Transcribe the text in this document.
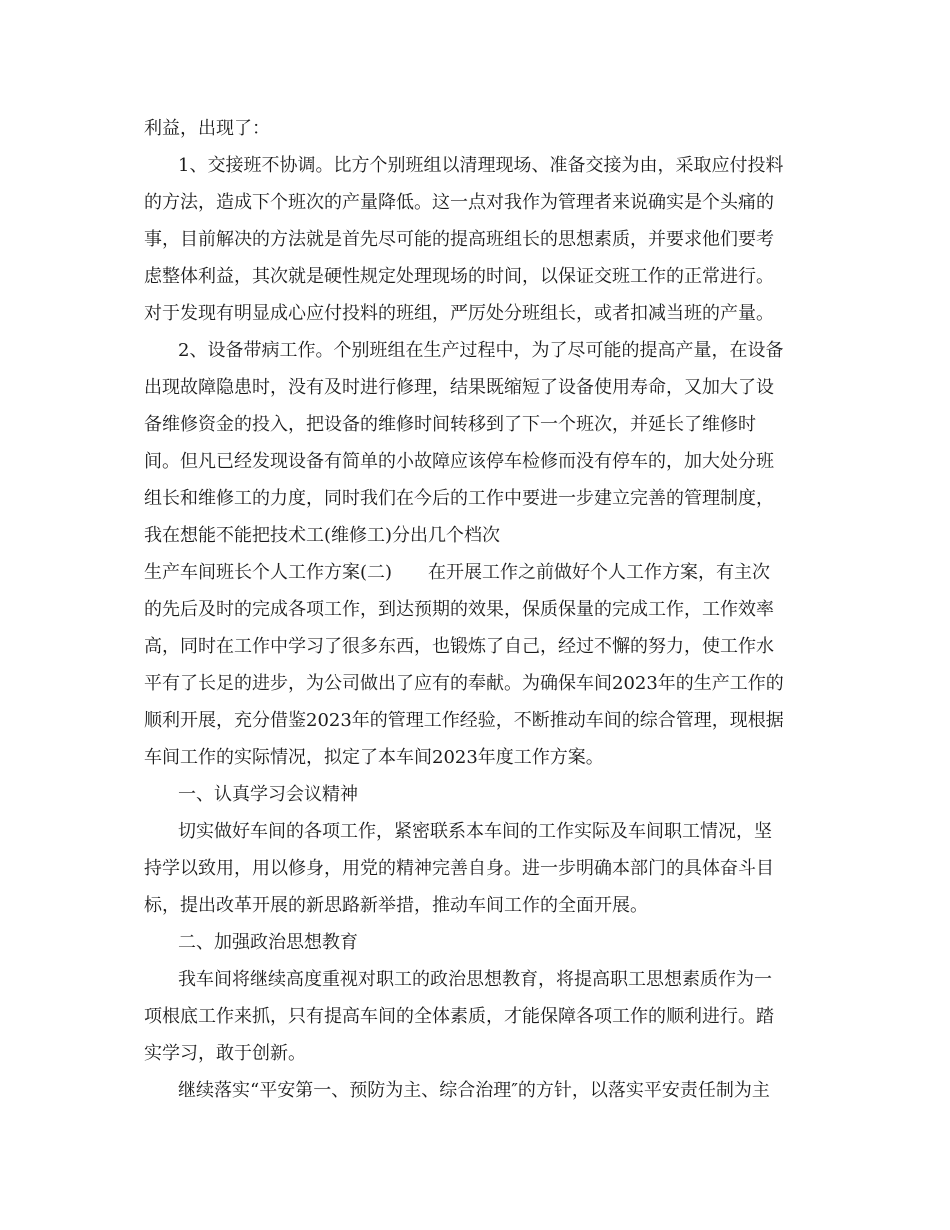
利益，出现了：
1、交接班不协调。比方个别班组以清理现场、准备交接为由，采取应付投料
的方法，造成下个班次的产量降低。这一点对我作为管理者来说确实是个头痛的
事，目前解决的方法就是首先尽可能的提高班组长的思想素质，并要求他们要考
虑整体利益，其次就是硬性规定处理现场的时间，以保证交班工作的正常进行。
对于发现有明显成心应付投料的班组，严厉处分班组长，或者扣减当班的产量。
2、设备带病工作。个别班组在生产过程中，为了尽可能的提高产量，在设备
出现故障隐患时，没有及时进行修理，结果既缩短了设备使用寿命，又加大了设
备维修资金的投入，把设备的维修时间转移到了下一个班次，并延长了维修时
间。但凡已经发现设备有简单的小故障应该停车检修而没有停车的，加大处分班
组长和维修工的力度，同时我们在今后的工作中要进一步建立完善的管理制度，
我在想能不能把技术工(维修工)分出几个档次
生产车间班长个人工作方案(二)　　在开展工作之前做好个人工作方案，有主次
的先后及时的完成各项工作，到达预期的效果，保质保量的完成工作，工作效率
高，同时在工作中学习了很多东西，也锻炼了自己，经过不懈的努力，使工作水
平有了长足的进步，为公司做出了应有的奉献。为确保车间2023年的生产工作的
顺利开展，充分借鉴2023年的管理工作经验，不断推动车间的综合管理，现根据
车间工作的实际情况，拟定了本车间2023年度工作方案。
一、认真学习会议精神
切实做好车间的各项工作，紧密联系本车间的工作实际及车间职工情况，坚
持学以致用，用以修身，用党的精神完善自身。进一步明确本部门的具体奋斗目
标，提出改革开展的新思路新举措，推动车间工作的全面开展。
二、加强政治思想教育
我车间将继续高度重视对职工的政治思想教育，将提高职工思想素质作为一
项根底工作来抓，只有提高车间的全体素质，才能保障各项工作的顺利进行。踏
实学习，敢于创新。
继续落实“平安第一、预防为主、综合治理″的方针，以落实平安责任制为主
